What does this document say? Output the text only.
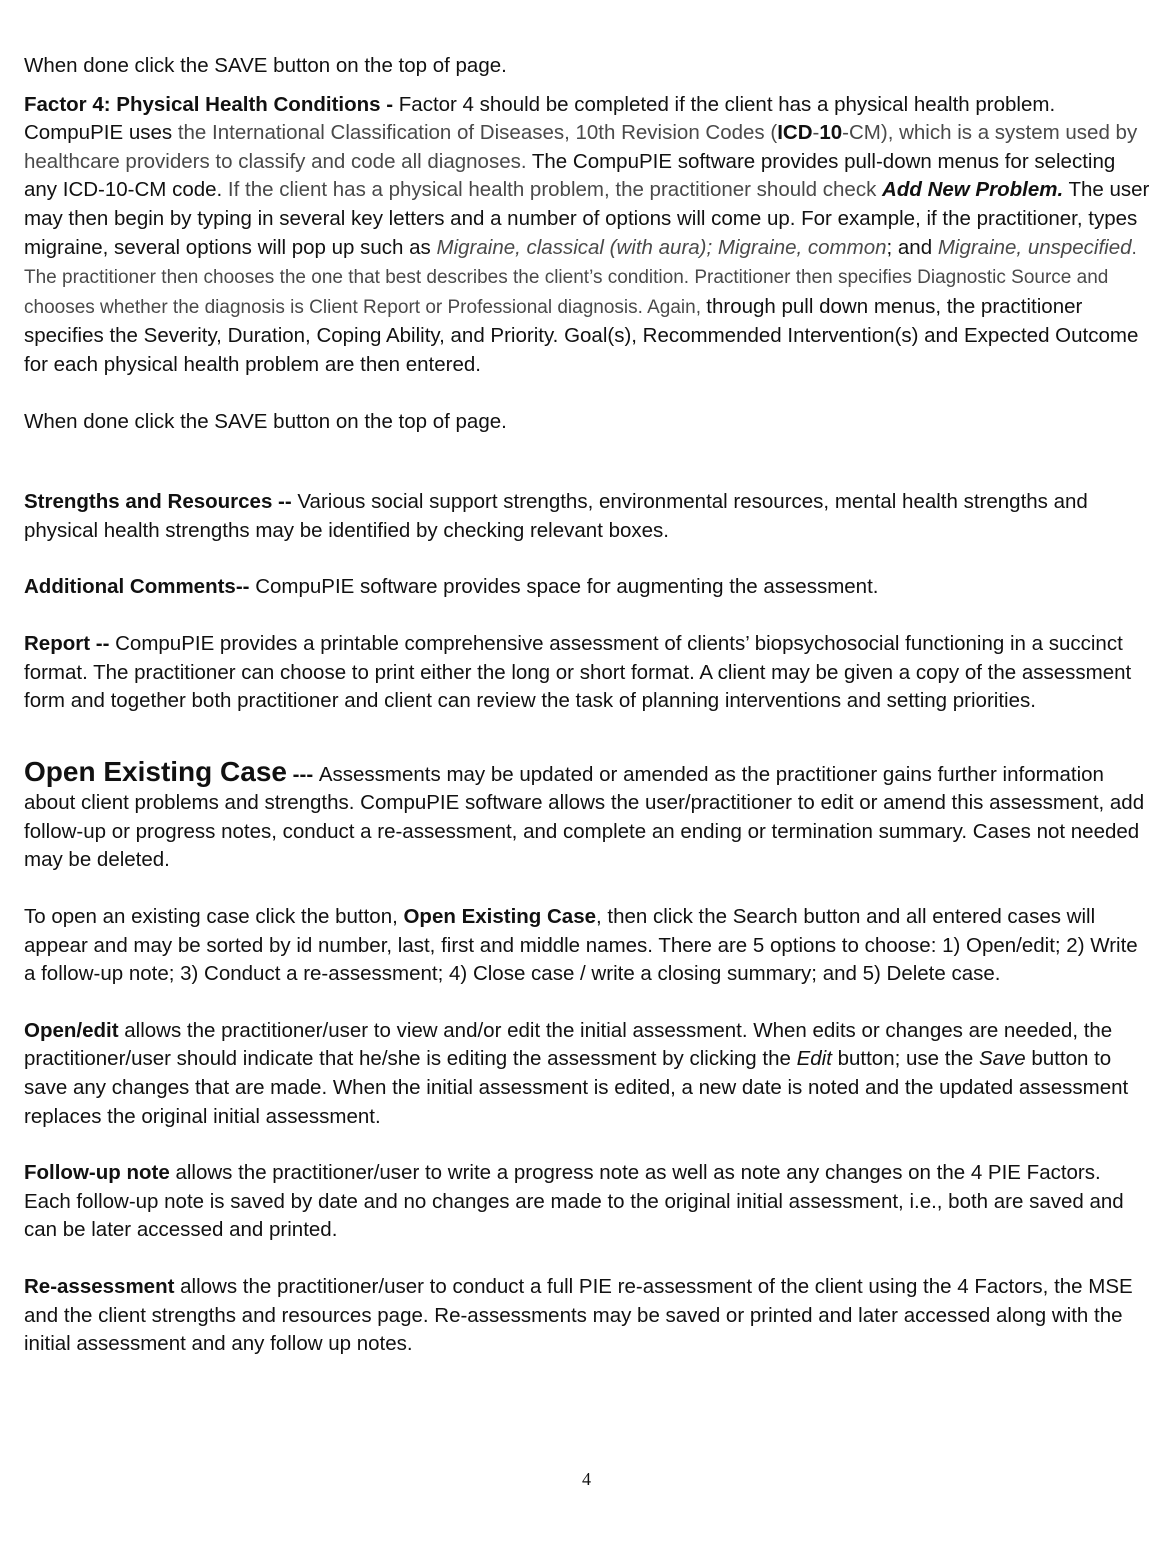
When done click the SAVE button on the top of page.

Factor 4: Physical Health Conditions - Factor 4 should be completed if the client has a physical health problem. CompuPIE uses the International Classification of Diseases, 10th Revision Codes (ICD-10-CM), which is a system used by healthcare providers to classify and code all diagnoses. The CompuPIE software provides pull-down menus for selecting any ICD-10-CM code. If the client has a physical health problem, the practitioner should check Add New Problem. The user may then begin by typing in several key letters and a number of options will come up. For example, if the practitioner, types migraine, several options will pop up such as Migraine, classical (with aura); Migraine, common; and Migraine, unspecified. The practitioner then chooses the one that best describes the client’s condition. Practitioner then specifies Diagnostic Source and chooses whether the diagnosis is Client Report or Professional diagnosis. Again, through pull down menus, the practitioner specifies the Severity, Duration, Coping Ability, and Priority. Goal(s), Recommended Intervention(s) and Expected Outcome for each physical health problem are then entered.

When done click the SAVE button on the top of page.

Strengths and Resources -- Various social support strengths, environmental resources, mental health strengths and physical health strengths may be identified by checking relevant boxes.

Additional Comments-- CompuPIE software provides space for augmenting the assessment.

Report -- CompuPIE provides a printable comprehensive assessment of clients’ biopsychosocial functioning in a succinct format. The practitioner can choose to print either the long or short format. A client may be given a copy of the assessment form and together both practitioner and client can review the task of planning interventions and setting priorities.

Open Existing Case --- Assessments may be updated or amended as the practitioner gains further information about client problems and strengths. CompuPIE software allows the user/practitioner to edit or amend this assessment, add follow-up or progress notes, conduct a re-assessment, and complete an ending or termination summary. Cases not needed may be deleted.

To open an existing case click the button, Open Existing Case, then click the Search button and all entered cases will appear and may be sorted by id number, last, first and middle names. There are 5 options to choose: 1) Open/edit; 2) Write a follow-up note; 3) Conduct a re-assessment; 4) Close case / write a closing summary; and 5) Delete case.

Open/edit allows the practitioner/user to view and/or edit the initial assessment. When edits or changes are needed, the practitioner/user should indicate that he/she is editing the assessment by clicking the Edit button; use the Save button to save any changes that are made. When the initial assessment is edited, a new date is noted and the updated assessment replaces the original initial assessment.

Follow-up note allows the practitioner/user to write a progress note as well as note any changes on the 4 PIE Factors. Each follow-up note is saved by date and no changes are made to the original initial assessment, i.e., both are saved and can be later accessed and printed.

Re-assessment allows the practitioner/user to conduct a full PIE re-assessment of the client using the 4 Factors, the MSE and the client strengths and resources page. Re-assessments may be saved or printed and later accessed along with the initial assessment and any follow up notes.

4
